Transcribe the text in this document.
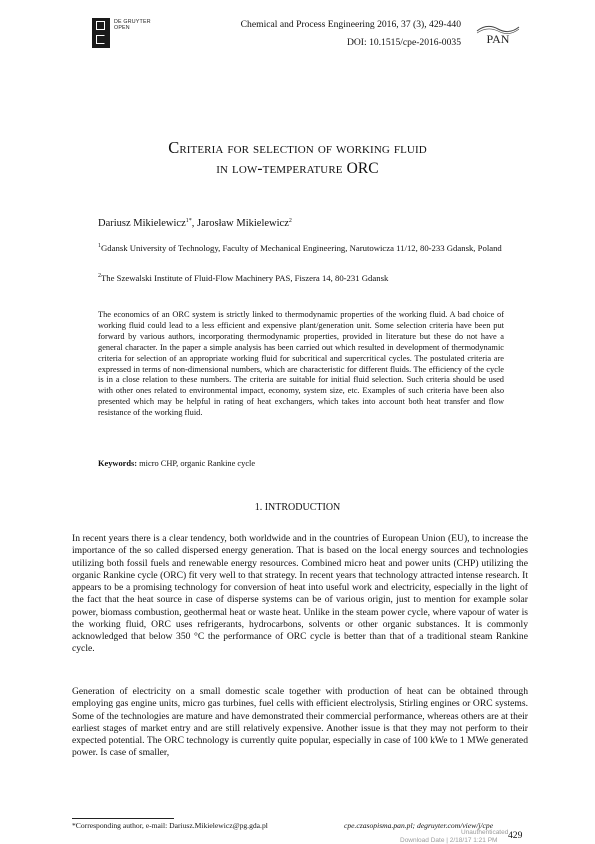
DE GRUYTER
OPEN	Chemical and Process Engineering 2016, 37 (3), 429-440
DOI: 10.1515/cpe-2016-0035 PAN
Criteria for selection of working fluid
in low-temperature ORC
Dariusz Mikielewicz$^{1*}$, Jarosław Mikielewicz$^2$
$^1$Gdansk University of Technology, Faculty of Mechanical Engineering, Narutowicza 11/12, 80-233 Gdansk, Poland
$^2$The Szewalski Institute of Fluid-Flow Machinery PAS, Fiszera 14, 80-231 Gdansk
The economics of an ORC system is strictly linked to thermodynamic properties of the working fluid. A bad choice of working fluid could lead to a less efficient and expensive plant/generation unit. Some selection criteria have been put forward by various authors, incorporating thermodynamic properties, provided in literature but these do not have a general character. In the paper a simple analysis has been carried out which resulted in development of thermodynamic criteria for selection of an appropriate working fluid for subcritical and supercritical cycles. The postulated criteria are expressed in terms of non-dimensional numbers, which are characteristic for different fluids. The efficiency of the cycle is in a close relation to these numbers. The criteria are suitable for initial fluid selection. Such criteria should be used with other ones related to environmental impact, economy, system size, etc. Examples of such criteria have been also presented which may be helpful in rating of heat exchangers, which takes into account both heat transfer and flow resistance of the working fluid.
Keywords: micro CHP, organic Rankine cycle
1. INTRODUCTION
In recent years there is a clear tendency, both worldwide and in the countries of European Union (EU), to increase the importance of the so called dispersed energy generation. That is based on the local energy sources and technologies utilizing both fossil fuels and renewable energy resources. Combined micro heat and power units (CHP) utilizing the organic Rankine cycle (ORC) fit very well to that strategy. In recent years that technology attracted intense research. It appears to be a promising technology for conversion of heat into useful work and electricity, especially in the light of the fact that the heat source in case of disperse systems can be of various origin, just to mention for example solar power, biomass combustion, geothermal heat or waste heat. Unlike in the steam power cycle, where vapour of water is the working fluid, ORC uses refrigerants, hydrocarbons, solvents or other organic substances. It is commonly acknowledged that below 350 °C the performance of ORC cycle is better than that of a traditional steam Rankine cycle.
Generation of electricity on a small domestic scale together with production of heat can be obtained through employing gas engine units, micro gas turbines, fuel cells with efficient electrolysis, Stirling engines or ORC systems. Some of the technologies are mature and have demonstrated their commercial performance, whereas others are at their earliest stages of market entry and are still relatively expensive. Another issue is that they may not perform to their expected potential. The ORC technology is currently quite popular, especially in case of 100 kWe to 1 MWe generated power. Is case of smaller,
*Corresponding author, e-mail: Dariusz.Mikielewicz@pg.gda.pl	cpe.czasopisma.pan.pl; degruyter.com/view/j/cpe
Unauthenticated 429
Download Date | 2/18/17 1:21 PM
